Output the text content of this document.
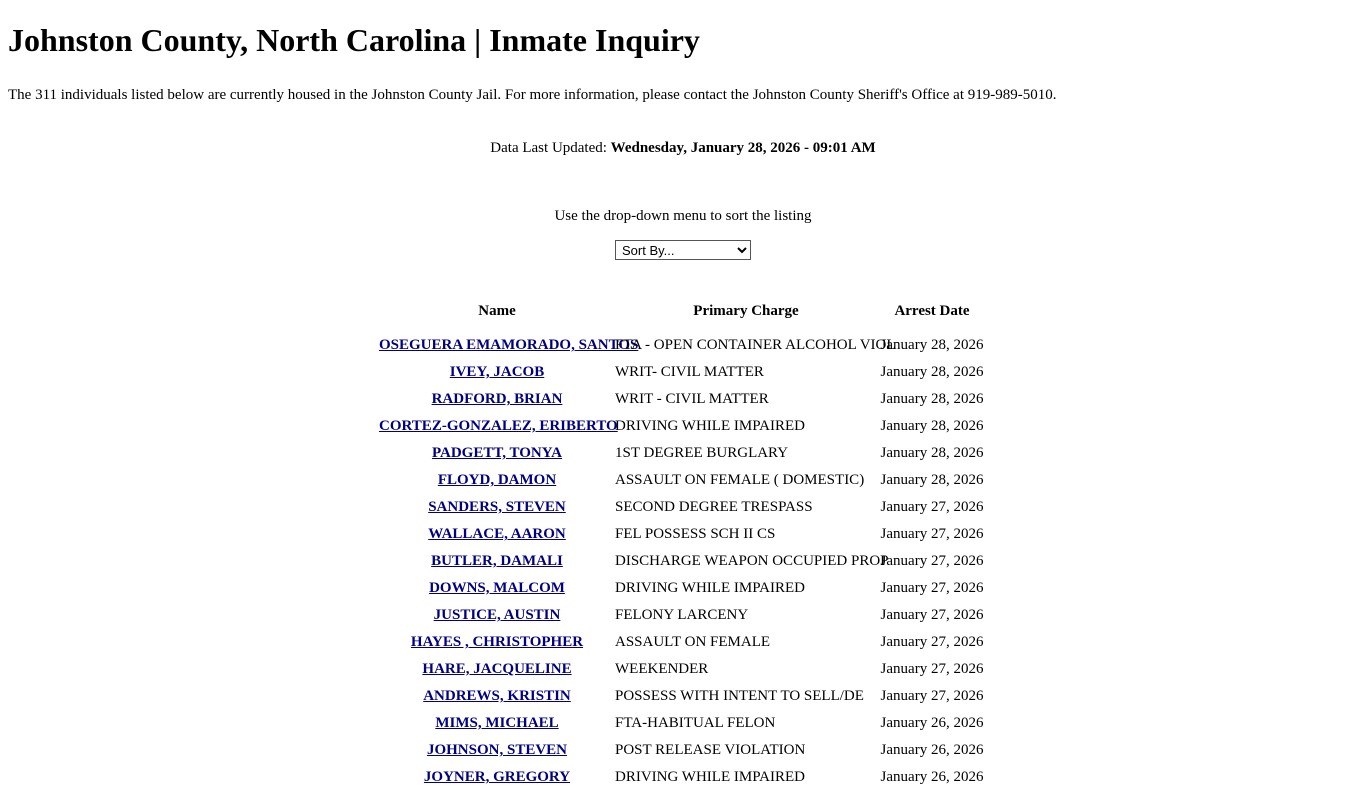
Johnston County, North Carolina | Inmate Inquiry

The 311 individuals listed below are currently housed in the Johnston County Jail. For more information, please contact the Johnston County Sheriff's Office at 919-989-5010.

Data Last Updated: Wednesday, January 28, 2026 - 09:01 AM

Use the drop-down menu to sort the listing

Sort By...
Name	Primary Charge	Arrest Date
OSEGUERA EMAMORADO, SANTOS	FTA - OPEN CONTAINER ALCOHOL VIOL	January 28, 2026
IVEY, JACOB	WRIT- CIVIL MATTER	January 28, 2026
RADFORD, BRIAN	WRIT - CIVIL MATTER	January 28, 2026
CORTEZ-GONZALEZ, ERIBERTO	DRIVING WHILE IMPAIRED	January 28, 2026
PADGETT, TONYA	1ST DEGREE BURGLARY	January 28, 2026
FLOYD, DAMON	ASSAULT ON FEMALE ( DOMESTIC)	January 28, 2026
SANDERS, STEVEN	SECOND DEGREE TRESPASS	January 27, 2026
WALLACE, AARON	FEL POSSESS SCH II CS	January 27, 2026
BUTLER, DAMALI	DISCHARGE WEAPON OCCUPIED PROP	January 27, 2026
DOWNS, MALCOM	DRIVING WHILE IMPAIRED	January 27, 2026
JUSTICE, AUSTIN	FELONY LARCENY	January 27, 2026
HAYES , CHRISTOPHER	ASSAULT ON FEMALE	January 27, 2026
HARE, JACQUELINE	WEEKENDER	January 27, 2026
ANDREWS, KRISTIN	POSSESS WITH INTENT TO SELL/DE	January 27, 2026
MIMS, MICHAEL	FTA-HABITUAL FELON	January 26, 2026
JOHNSON, STEVEN	POST RELEASE VIOLATION	January 26, 2026
JOYNER, GREGORY	DRIVING WHILE IMPAIRED	January 26, 2026
